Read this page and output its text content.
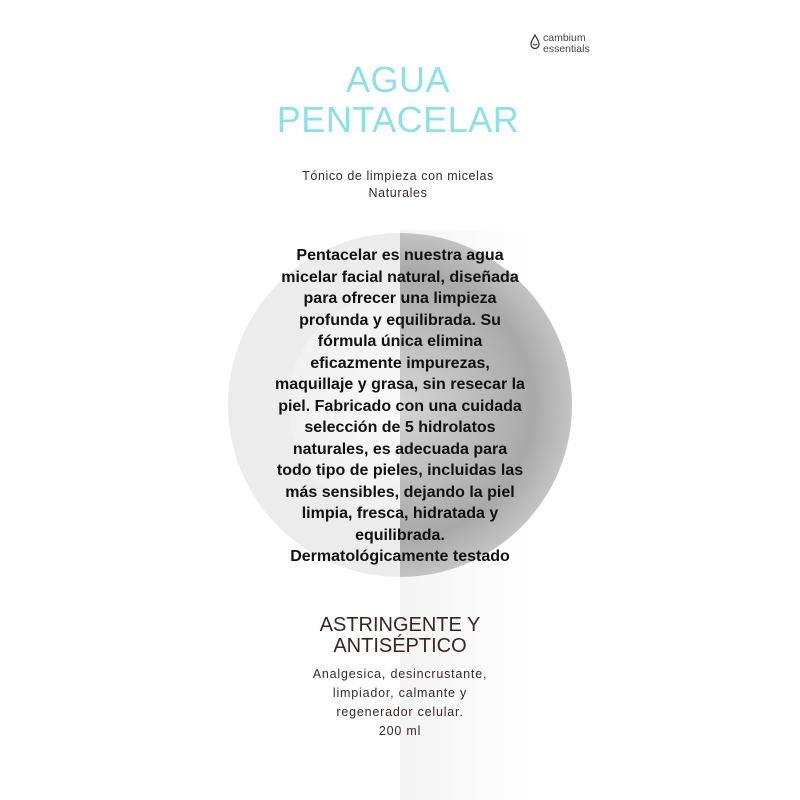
cambium
essentials
AGUA
PENTACELAR
Tónico de limpieza con micelas
Naturales
Pentacelar es nuestra agua
micelar facial natural, diseñada
para ofrecer una limpieza
profunda y equilibrada. Su
fórmula única elimina
eficazmente impurezas,
maquillaje y grasa, sin resecar la
piel. Fabricado con una cuidada
selección de 5 hidrolatos
naturales, es adecuada para
todo tipo de pieles, incluidas las
más sensibles, dejando la piel
limpia, fresca, hidratada y
equilibrada.
Dermatológicamente testado
ASTRINGENTE Y
ANTISÉPTICO
Analgesica, desincrustante,
limpiador, calmante y
regenerador celular.
200 ml
